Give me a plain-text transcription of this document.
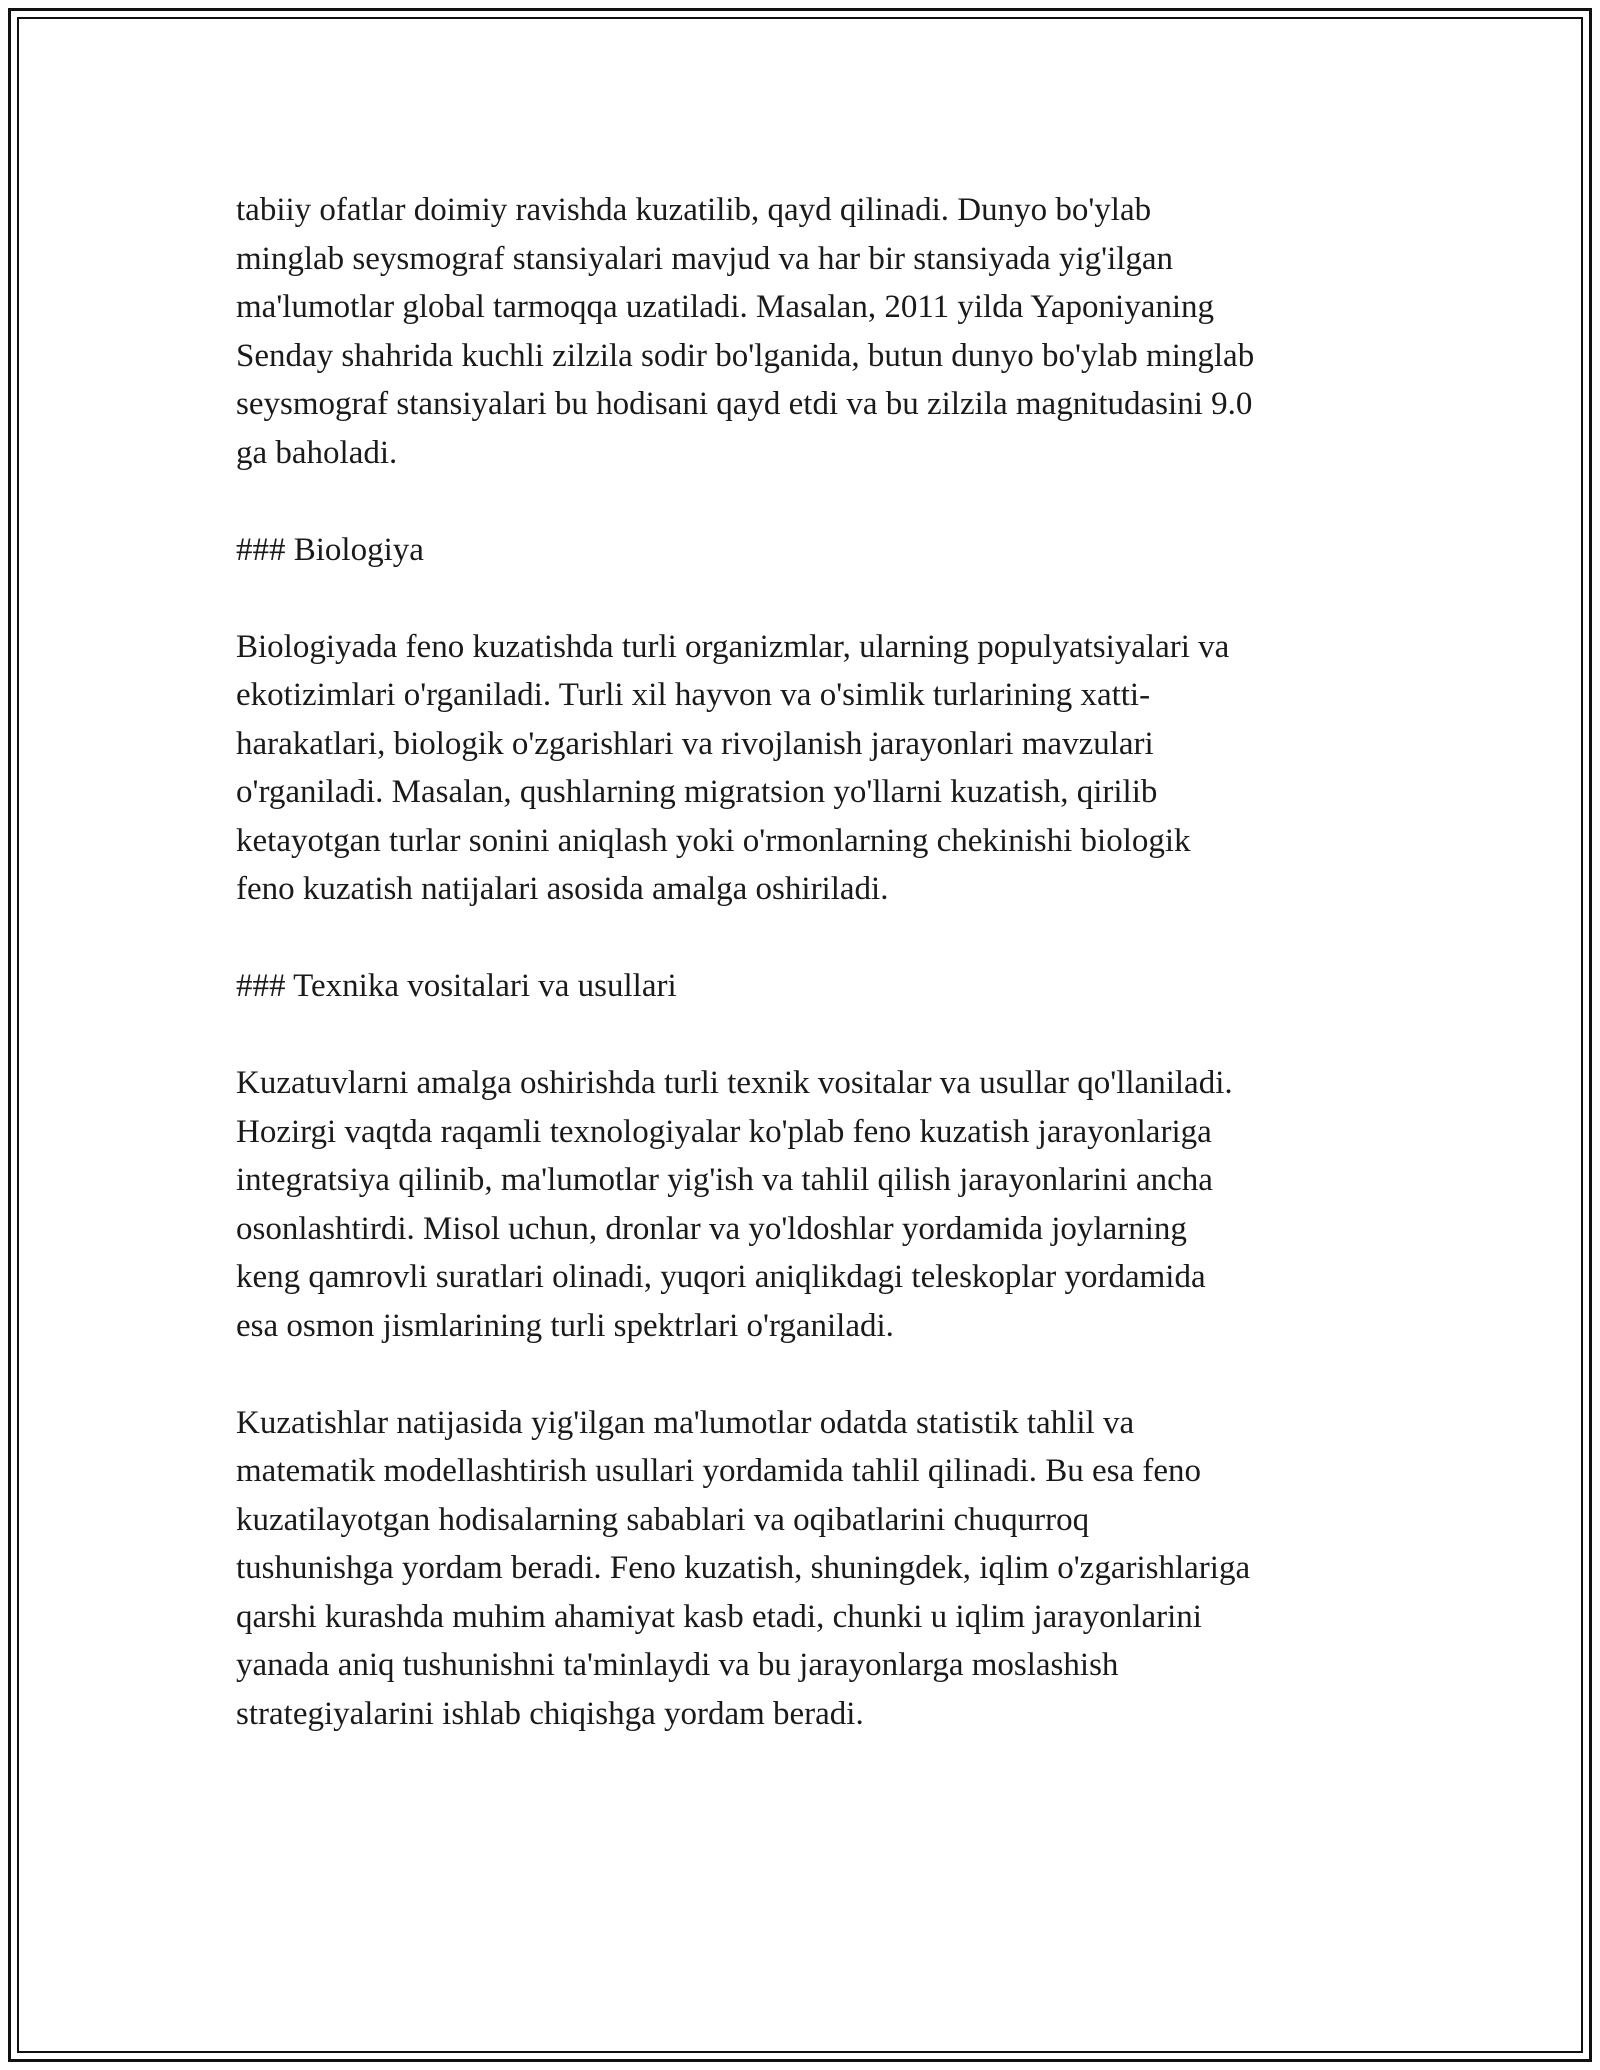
tabiiy ofatlar doimiy ravishda kuzatilib, qayd qilinadi. Dunyo bo'ylab
minglab seysmograf stansiyalari mavjud va har bir stansiyada yig'ilgan
ma'lumotlar global tarmoqqa uzatiladi. Masalan, 2011 yilda Yaponiyaning
Senday shahrida kuchli zilzila sodir bo'lganida, butun dunyo bo'ylab minglab
seysmograf stansiyalari bu hodisani qayd etdi va bu zilzila magnitudasini 9.0
ga baholadi.

### Biologiya

Biologiyada feno kuzatishda turli organizmlar, ularning populyatsiyalari va
ekotizimlari o'rganiladi. Turli xil hayvon va o'simlik turlarining xatti-
harakatlari, biologik o'zgarishlari va rivojlanish jarayonlari mavzulari
o'rganiladi. Masalan, qushlarning migratsion yo'llarni kuzatish, qirilib
ketayotgan turlar sonini aniqlash yoki o'rmonlarning chekinishi biologik
feno kuzatish natijalari asosida amalga oshiriladi.

### Texnika vositalari va usullari

Kuzatuvlarni amalga oshirishda turli texnik vositalar va usullar qo'llaniladi.
Hozirgi vaqtda raqamli texnologiyalar ko'plab feno kuzatish jarayonlariga
integratsiya qilinib, ma'lumotlar yig'ish va tahlil qilish jarayonlarini ancha
osonlashtirdi. Misol uchun, dronlar va yo'ldoshlar yordamida joylarning
keng qamrovli suratlari olinadi, yuqori aniqlikdagi teleskoplar yordamida
esa osmon jismlarining turli spektrlari o'rganiladi.

Kuzatishlar natijasida yig'ilgan ma'lumotlar odatda statistik tahlil va
matematik modellashtirish usullari yordamida tahlil qilinadi. Bu esa feno
kuzatilayotgan hodisalarning sabablari va oqibatlarini chuqurroq
tushunishga yordam beradi. Feno kuzatish, shuningdek, iqlim o'zgarishlariga
qarshi kurashda muhim ahamiyat kasb etadi, chunki u iqlim jarayonlarini
yanada aniq tushunishni ta'minlaydi va bu jarayonlarga moslashish
strategiyalarini ishlab chiqishga yordam beradi.
